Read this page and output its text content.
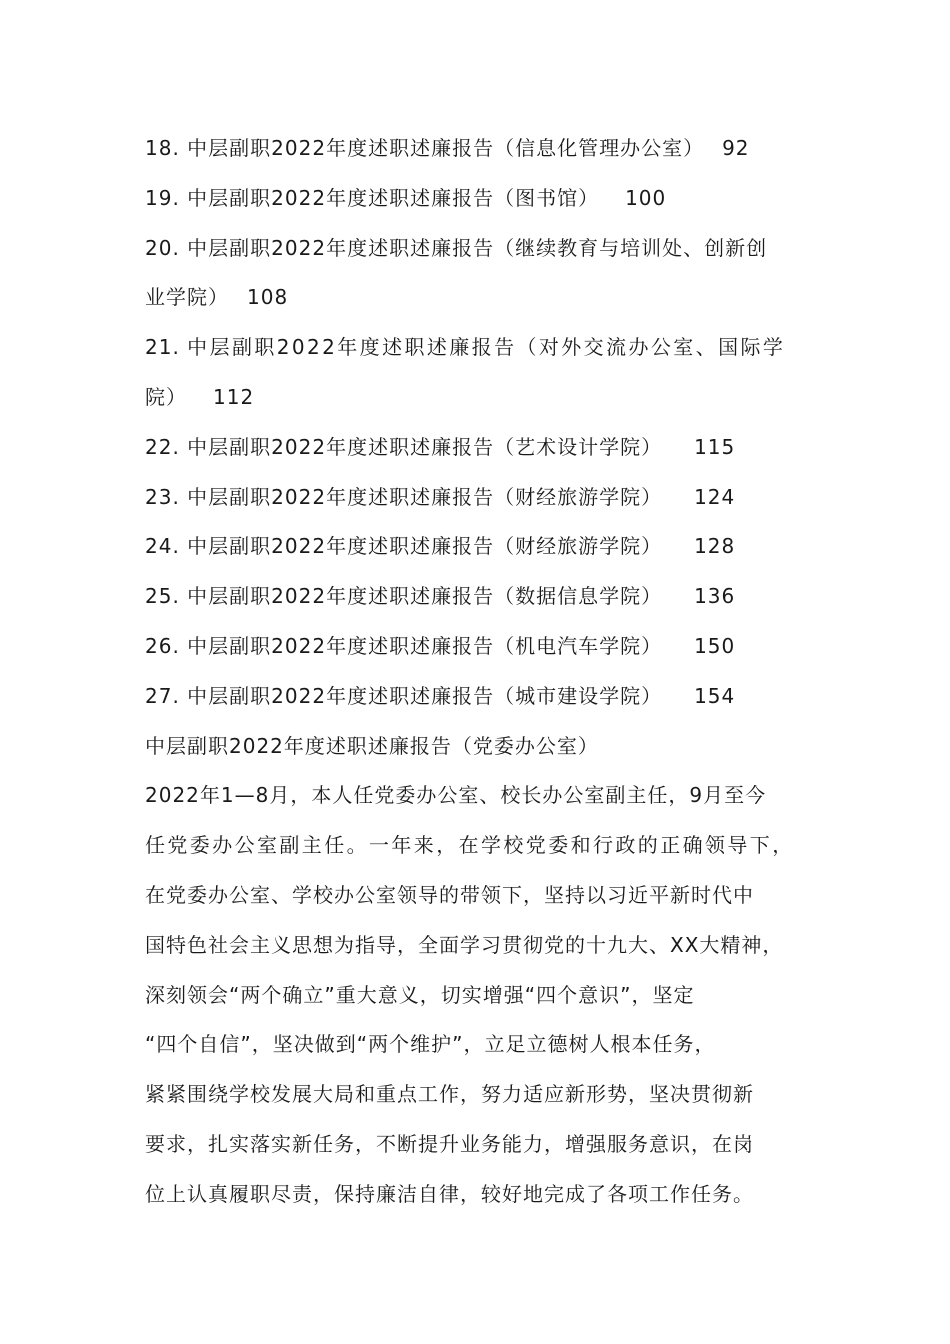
18. 中层副职2022年度述职述廉报告（信息化管理办公室） 92
19. 中层副职2022年度述职述廉报告（图书馆） 100
20. 中层副职2022年度述职述廉报告（继续教育与培训处、创新创
业学院） 108
21. 中层副职2022年度述职述廉报告（对外交流办公室、国际学
院） 112
22. 中层副职2022年度述职述廉报告（艺术设计学院） 115
23. 中层副职2022年度述职述廉报告（财经旅游学院） 124
24. 中层副职2022年度述职述廉报告（财经旅游学院） 128
25. 中层副职2022年度述职述廉报告（数据信息学院） 136
26. 中层副职2022年度述职述廉报告（机电汽车学院） 150
27. 中层副职2022年度述职述廉报告（城市建设学院） 154
中层副职2022年度述职述廉报告（党委办公室）
2022年1—8月，本人任党委办公室、校长办公室副主任，9月至今
任党委办公室副主任。一年来，在学校党委和行政的正确领导下，
在党委办公室、学校办公室领导的带领下，坚持以习近平新时代中
国特色社会主义思想为指导，全面学习贯彻党的十九大、XX大精神，
深刻领会“两个确立”重大意义，切实增强“四个意识”，坚定
“四个自信”，坚决做到“两个维护”，立足立德树人根本任务，
紧紧围绕学校发展大局和重点工作，努力适应新形势，坚决贯彻新
要求，扎实落实新任务，不断提升业务能力，增强服务意识，在岗
位上认真履职尽责，保持廉洁自律，较好地完成了各项工作任务。
